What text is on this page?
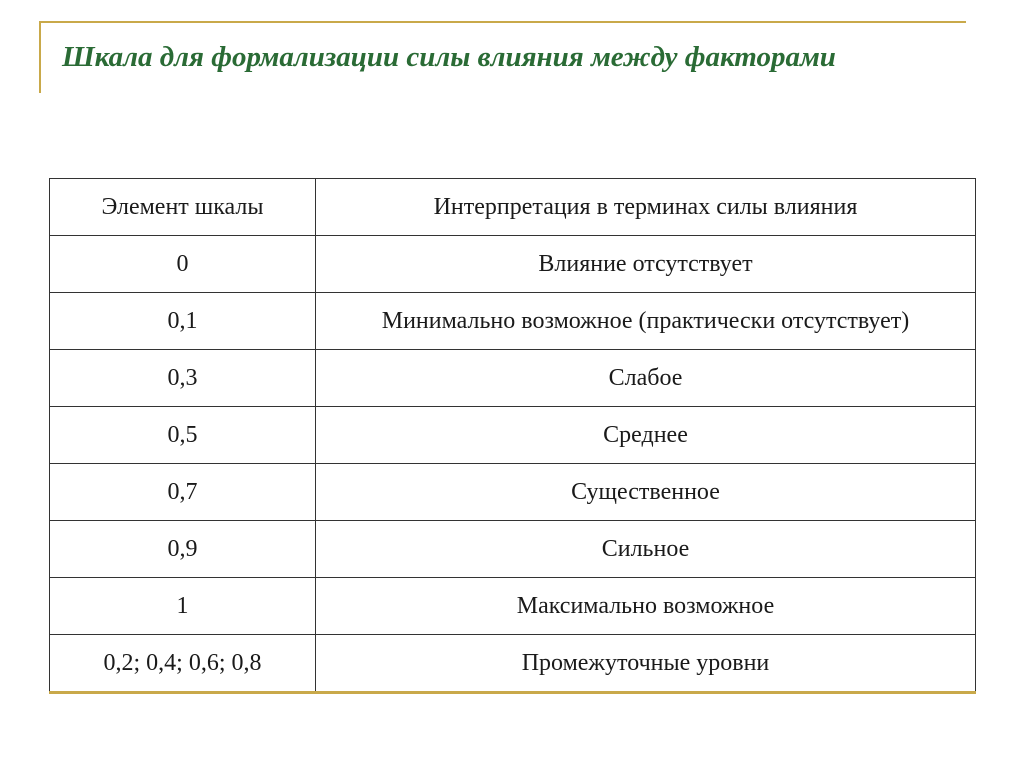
Шкала для формализации силы влияния между факторами
Элемент шкалы	Интерпретация в терминах силы влияния
0	Влияние отсутствует
0,1	Минимально возможное (практически отсутствует)
0,3	Слабое
0,5	Среднее
0,7	Существенное
0,9	Сильное
1	Максимально возможное
0,2; 0,4; 0,6; 0,8	Промежуточные уровни
